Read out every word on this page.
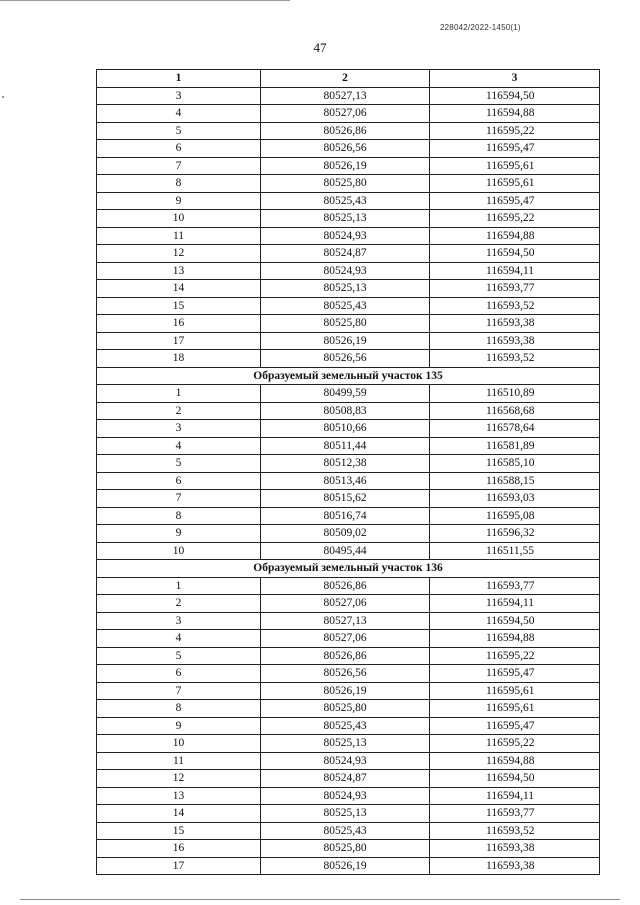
228042/2022-1450(1)
47
1	2	3
3	80527,13	116594,50
4	80527,06	116594,88
5	80526,86	116595,22
6	80526,56	116595,47
7	80526,19	116595,61
8	80525,80	116595,61
9	80525,43	116595,47
10	80525,13	116595,22
11	80524,93	116594,88
12	80524,87	116594,50
13	80524,93	116594,11
14	80525,13	116593,77
15	80525,43	116593,52
16	80525,80	116593,38
17	80526,19	116593,38
18	80526,56	116593,52
Образуемый земельный участок 135		
1	80499,59	116510,89
2	80508,83	116568,68
3	80510,66	116578,64
4	80511,44	116581,89
5	80512,38	116585,10
6	80513,46	116588,15
7	80515,62	116593,03
8	80516,74	116595,08
9	80509,02	116596,32
10	80495,44	116511,55
Образуемый земельный участок 136		
1	80526,86	116593,77
2	80527,06	116594,11
3	80527,13	116594,50
4	80527,06	116594,88
5	80526,86	116595,22
6	80526,56	116595,47
7	80526,19	116595,61
8	80525,80	116595,61
9	80525,43	116595,47
10	80525,13	116595,22
11	80524,93	116594,88
12	80524,87	116594,50
13	80524,93	116594,11
14	80525,13	116593,77
15	80525,43	116593,52
16	80525,80	116593,38
17	80526,19	116593,38
